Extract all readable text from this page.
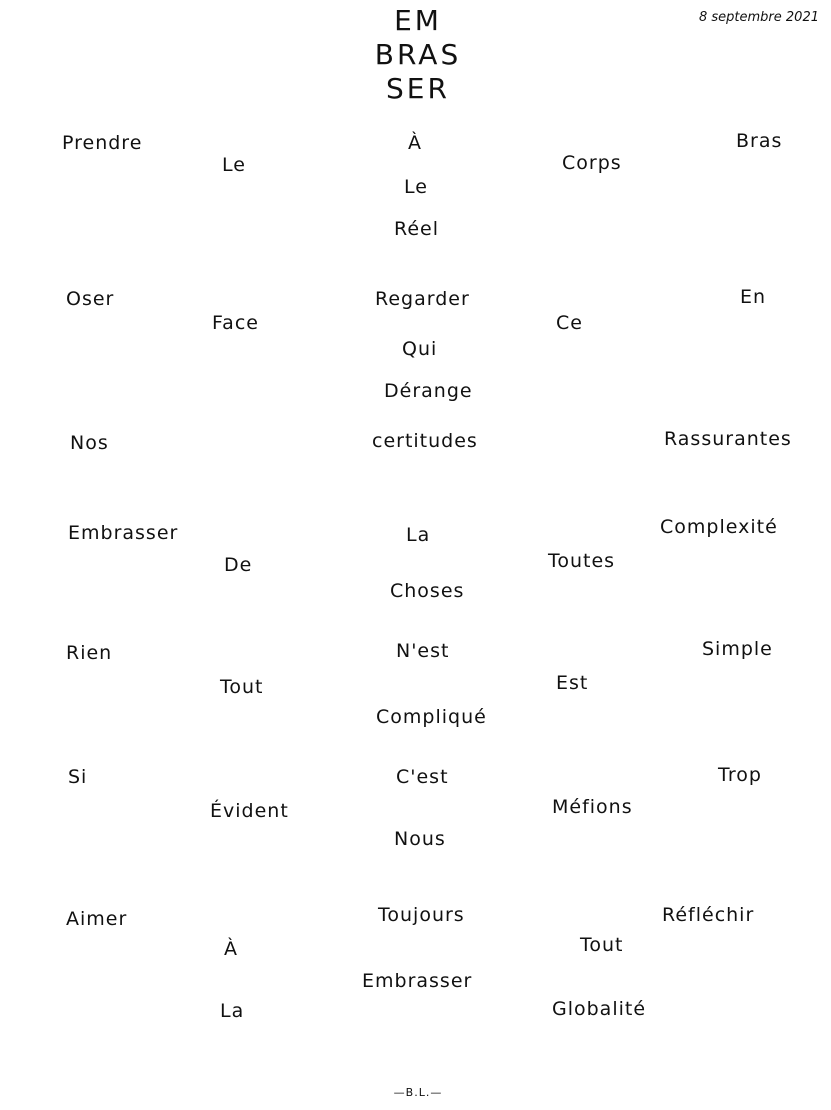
8 septembre 2021
EM
BRAS
SER
Prendre
Le
À
Le
Réel
Corps
Bras
Oser
Face
Regarder
Qui
Dérange
Ce
En
Nos	certitudes	Rassurantes
Embrasser
De
La
Choses
Toutes
Complexité
Rien
Tout
N'est
Compliqué
Est
Simple
Si
Évident
C'est
Nous
Méfions
Trop
Aimer
À
La
Toujours
Embrasser
Tout
Globalité
Réfléchir
—B.L.—
